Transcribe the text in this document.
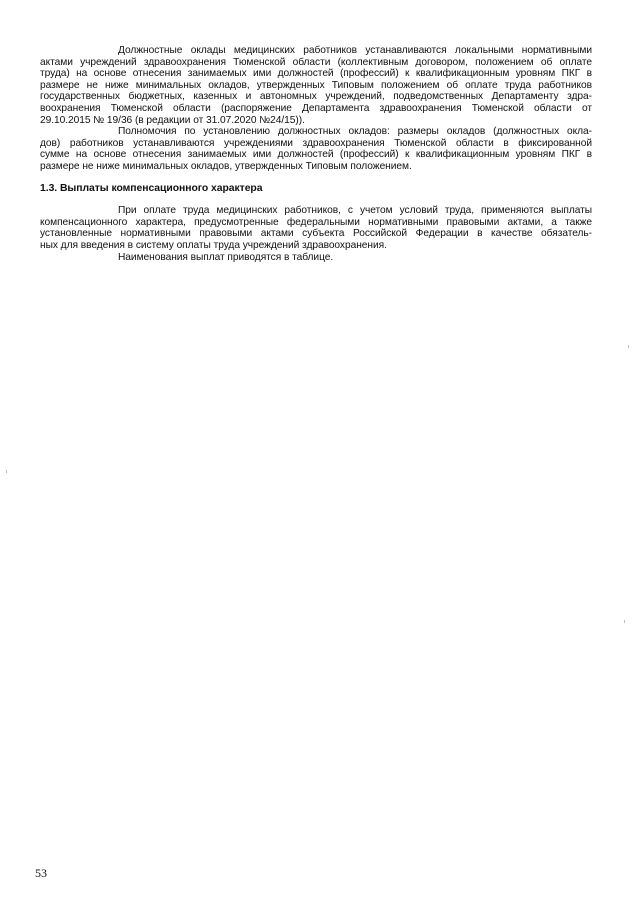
Должностные оклады медицинских работников устанавливаются локальными нормативными
актами учреждений здравоохранения Тюменской области (коллективным договором, положением об оплате
труда) на основе отнесения занимаемых ими должностей (профессий) к квалификационным уровням ПКГ в
размере не ниже минимальных окладов, утвержденных Типовым положением об оплате труда работников
государственных бюджетных, казенных и автономных учреждений, подведомственных Департаменту здра-
воохранения Тюменской области (распоряжение Департамента здравоохранения Тюменской области от
29.10.2015 № 19/36 (в редакции от 31.07.2020 №24/15)).

Полномочия по установлению должностных окладов: размеры окладов (должностных окла-
дов) работников устанавливаются учреждениями здравоохранения Тюменской области в фиксированной
сумме на основе отнесения занимаемых ими должностей (профессий) к квалификационным уровням ПКГ в
размере не ниже минимальных окладов, утвержденных Типовым положением.

1.3. Выплаты компенсационного характера

При оплате труда медицинских работников, с учетом условий труда, применяются выплаты
компенсационного характера, предусмотренные федеральными нормативными правовыми актами, а также
установленные нормативными правовыми актами субъекта Российской Федерации в качестве обязатель-
ных для введения в систему оплаты труда учреждений здравоохранения.

Наименования выплат приводятся в таблице.

53
